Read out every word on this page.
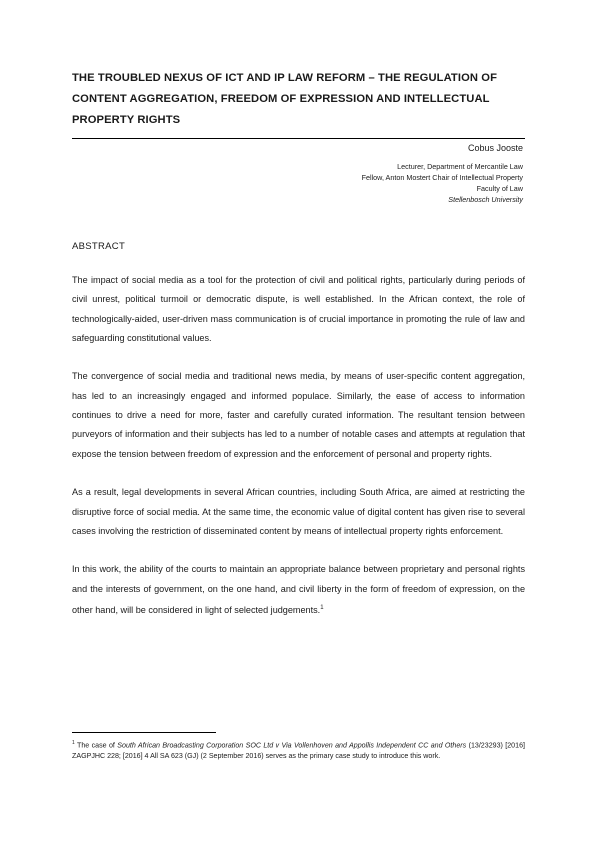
THE TROUBLED NEXUS OF ICT AND IP LAW REFORM – THE REGULATION OF CONTENT AGGREGATION, FREEDOM OF EXPRESSION AND INTELLECTUAL PROPERTY RIGHTS
Cobus Jooste
Lecturer, Department of Mercantile Law
Fellow, Anton Mostert Chair of Intellectual Property
Faculty of Law
Stellenbosch University
ABSTRACT

The impact of social media as a tool for the protection of civil and political rights, particularly during periods of civil unrest, political turmoil or democratic dispute, is well established. In the African context, the role of technologically-aided, user-driven mass communication is of crucial importance in promoting the rule of law and safeguarding constitutional values.

The convergence of social media and traditional news media, by means of user-specific content aggregation, has led to an increasingly engaged and informed populace. Similarly, the ease of access to information continues to drive a need for more, faster and carefully curated information. The resultant tension between purveyors of information and their subjects has led to a number of notable cases and attempts at regulation that expose the tension between freedom of expression and the enforcement of personal and property rights.

As a result, legal developments in several African countries, including South Africa, are aimed at restricting the disruptive force of social media. At the same time, the economic value of digital content has given rise to several cases involving the restriction of disseminated content by means of intellectual property rights enforcement.

In this work, the ability of the courts to maintain an appropriate balance between proprietary and personal rights and the interests of government, on the one hand, and civil liberty in the form of freedom of expression, on the other hand, will be considered in light of selected judgements.$^1$

$^1$ The case of South African Broadcasting Corporation SOC Ltd v Via Vollenhoven and Appollis Independent CC and Others (13/23293) [2016] ZAGPJHC 228; [2016] 4 All SA 623 (GJ) (2 September 2016) serves as the primary case study to introduce this work.
